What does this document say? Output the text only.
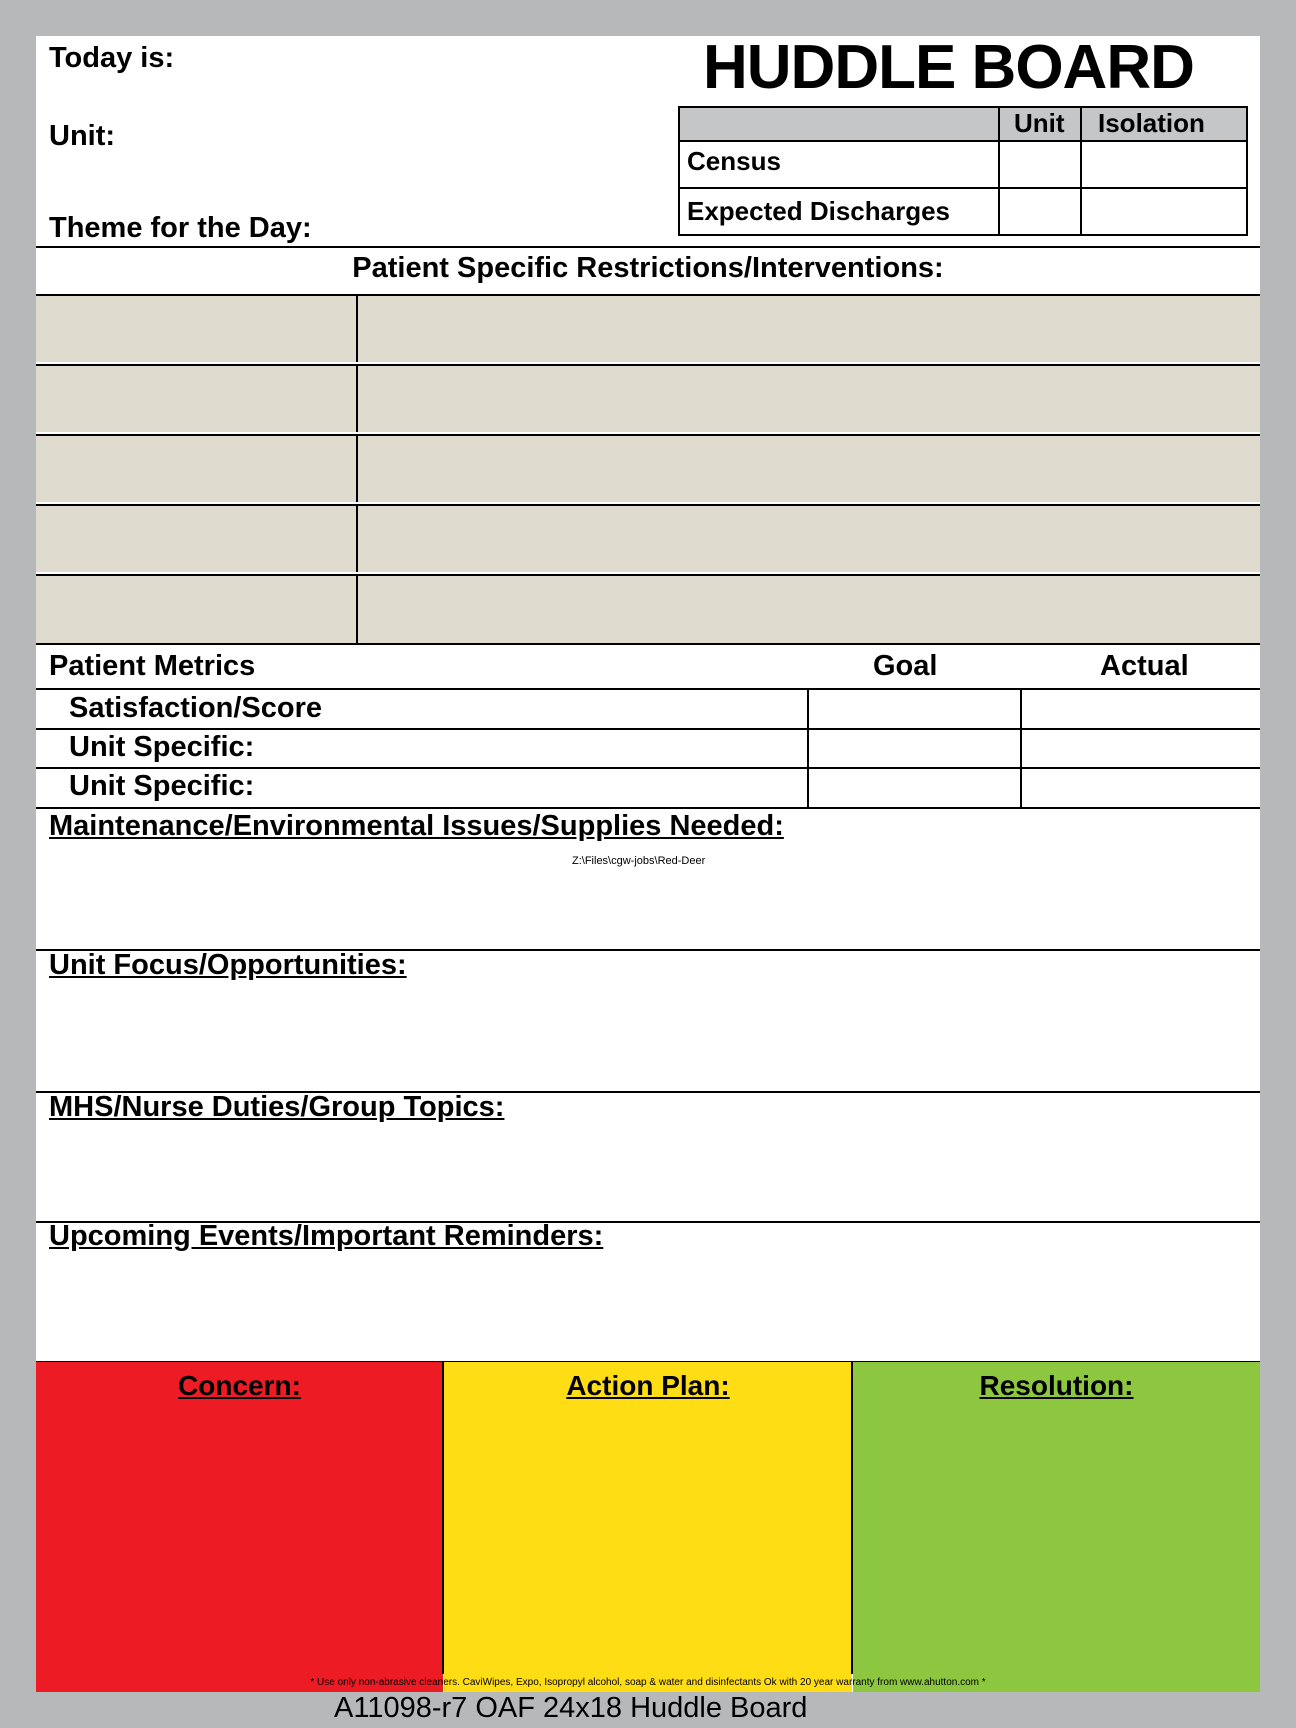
Today is:
Unit:
Theme for the Day:
HUDDLE BOARD
Unit Isolation
Census
Expected Discharges
Patient Specific Restrictions/Interventions:
Patient Metrics	Goal	Actual
Satisfaction/Score
Unit Specific:
Unit Specific:
Maintenance/Environmental Issues/Supplies Needed:
Z:\Files\cgw-jobs\Red-Deer
Unit Focus/Opportunities:
MHS/Nurse Duties/Group Topics:
Upcoming Events/Important Reminders:
Concern:	Action Plan:	Resolution:
* Use only non-abrasive cleaners. CaviWipes, Expo, Isopropyl alcohol, soap & water and disinfectants Ok with 20 year warranty from www.ahutton.com *
A11098-r7 OAF 24x18 Huddle Board
